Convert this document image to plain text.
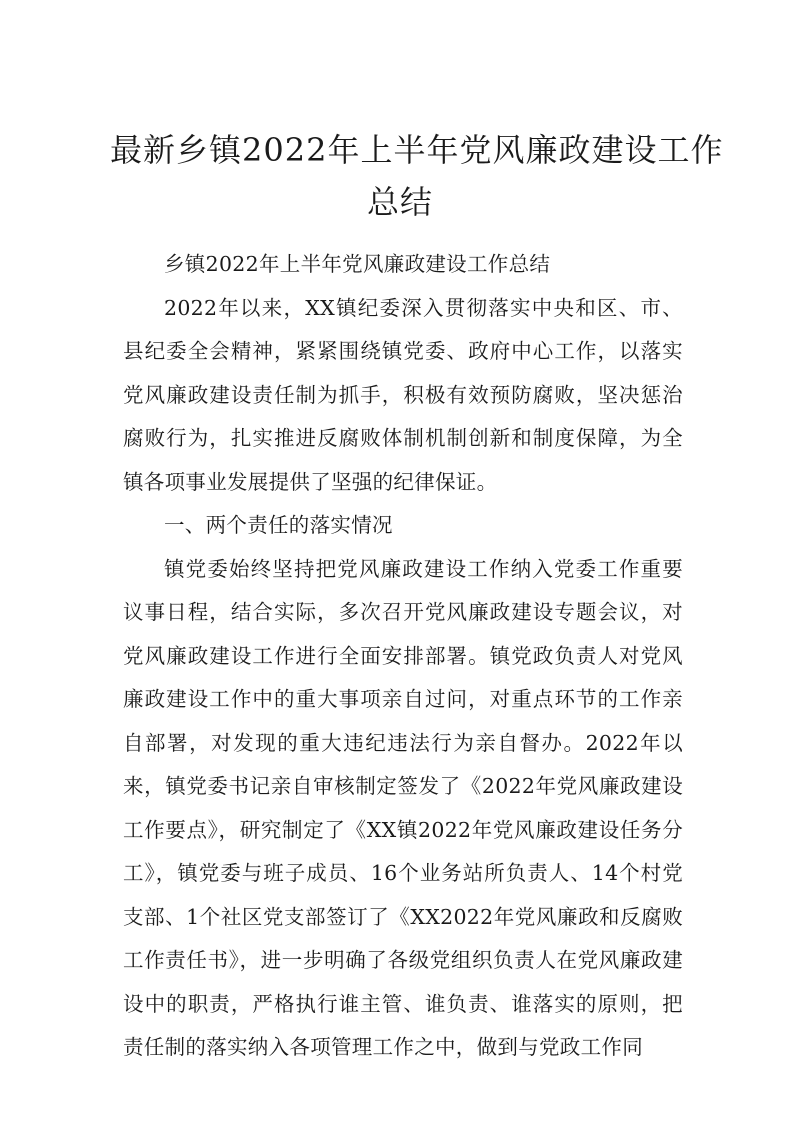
最新乡镇2022年上半年党风廉政建设工作
总结

乡镇2022年上半年党风廉政建设工作总结

2022年以来，XX镇纪委深入贯彻落实中央和区、市、县纪委全会精神，紧紧围绕镇党委、政府中心工作，以落实党风廉政建设责任制为抓手，积极有效预防腐败，坚决惩治腐败行为，扎实推进反腐败体制机制创新和制度保障，为全镇各项事业发展提供了坚强的纪律保证。

一、两个责任的落实情况

镇党委始终坚持把党风廉政建设工作纳入党委工作重要议事日程，结合实际，多次召开党风廉政建设专题会议，对党风廉政建设工作进行全面安排部署。镇党政负责人对党风廉政建设工作中的重大事项亲自过问，对重点环节的工作亲自部署，对发现的重大违纪违法行为亲自督办。2022年以来，镇党委书记亲自审核制定签发了《2022年党风廉政建设工作要点》，研究制定了《XX镇2022年党风廉政建设任务分工》，镇党委与班子成员、16个业务站所负责人、14个村党支部、1个社区党支部签订了《XX2022年党风廉政和反腐败工作责任书》，进一步明确了各级党组织负责人在党风廉政建设中的职责，严格执行谁主管、谁负责、谁落实的原则，把责任制的落实纳入各项管理工作之中，做到与党政工作同
